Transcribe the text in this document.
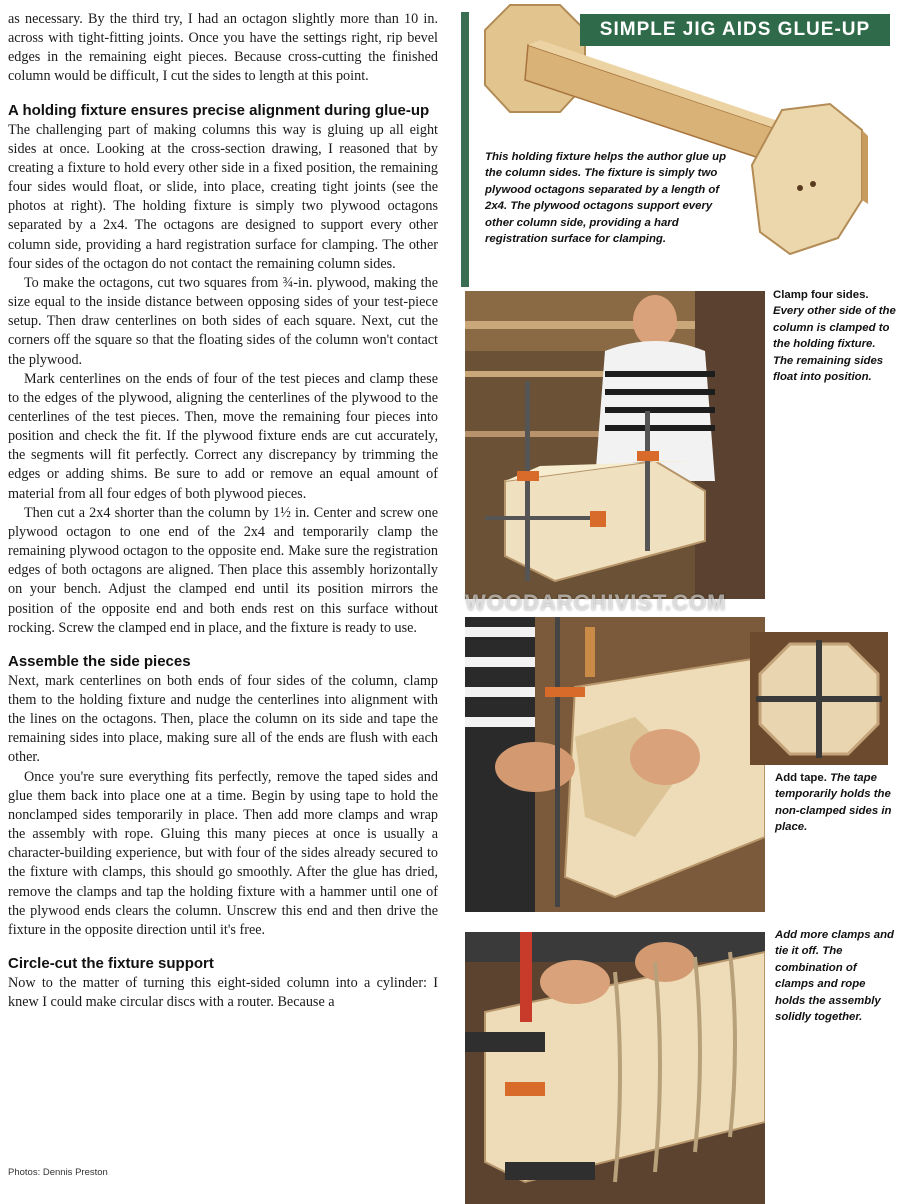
as necessary. By the third try, I had an octagon slightly more than 10 in. across with tight-fitting joints. Once you have the settings right, rip bevel edges in the remaining eight pieces. Because cross-cutting the finished column would be difficult, I cut the sides to length at this point.

A holding fixture ensures precise alignment during glue-up

The challenging part of making columns this way is gluing up all eight sides at once. Looking at the cross-section drawing, I reasoned that by creating a fixture to hold every other side in a fixed position, the remaining four sides would float, or slide, into place, creating tight joints (see the photos at right). The holding fixture is simply two plywood octagons separated by a 2x4. The octagons are designed to support every other column side, providing a hard registration surface for clamping. The other four sides of the octagon do not contact the remaining column sides.

To make the octagons, cut two squares from ¾-in. plywood, making the size equal to the inside distance between opposing sides of your test-piece setup. Then draw centerlines on both sides of each square. Next, cut the corners off the square so that the floating sides of the column won't contact the plywood.

Mark centerlines on the ends of four of the test pieces and clamp these to the edges of the plywood, aligning the centerlines of the plywood to the centerlines of the test pieces. Then, move the remaining four pieces into position and check the fit. If the plywood fixture ends are cut accurately, the segments will fit perfectly. Correct any discrepancy by trimming the edges or adding shims. Be sure to add or remove an equal amount of material from all four edges of both plywood pieces.

Then cut a 2x4 shorter than the column by 1½ in. Center and screw one plywood octagon to one end of the 2x4 and temporarily clamp the remaining plywood octagon to the opposite end. Make sure the registration edges of both octagons are aligned. Then place this assembly horizontally on your bench. Adjust the clamped end until its position mirrors the position of the opposite end and both ends rest on this surface without rocking. Screw the clamped end in place, and the fixture is ready to use.

Assemble the side pieces

Next, mark centerlines on both ends of four sides of the column, clamp them to the holding fixture and nudge the centerlines into alignment with the lines on the octagons. Then, place the column on its side and tape the remaining sides into place, making sure all of the ends are flush with each other.

Once you're sure everything fits perfectly, remove the taped sides and glue them back into place one at a time. Begin by using tape to hold the nonclamped sides temporarily in place. Then add more clamps and wrap the assembly with rope. Gluing this many pieces at once is usually a character-building experience, but with four of the sides already secured to the fixture with clamps, this should go smoothly. After the glue has dried, remove the clamps and tap the holding fixture with a hammer until one of the plywood ends clears the column. Unscrew this end and then drive the fixture in the opposite direction until it's free.

Circle-cut the fixture support

Now to the matter of turning this eight-sided column into a cylinder: I knew I could make circular discs with a router. Because a

Photos: Dennis Preston
SIMPLE JIG AIDS GLUE-UP
This holding fixture helps the author glue up the column sides. The fixture is simply two plywood octagons separated by a length of 2x4. The plywood octagons support every other column side, providing a hard registration surface for clamping.
Clamp four sides. Every other side of the column is clamped to the holding fixture. The remaining sides float into position.
Add tape. The tape temporarily holds the non-clamped sides in place.
Add more clamps and tie it off. The combination of clamps and rope holds the assembly solidly together.
WOODARCHIVIST.COM
